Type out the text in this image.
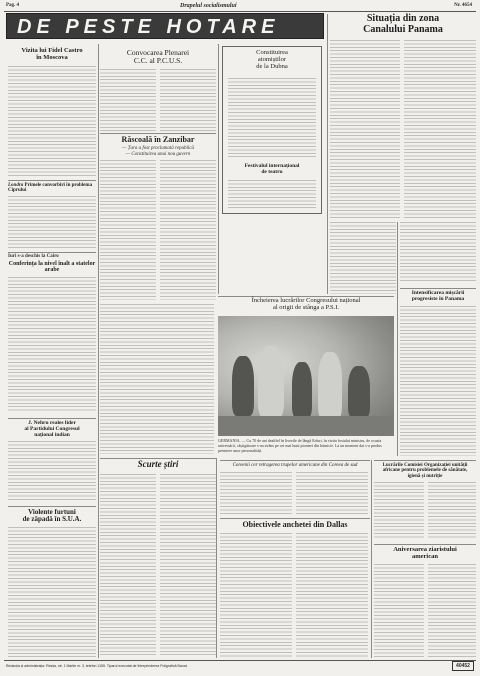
Pag. 4	Drapelul socialismului	Nr. 4654
DE PESTE HOTARE	Situația din zona
Canalului Panama
Vizita lui Fidel Castro
în Moscova
Convocarea Plenarei
C.C. al P.C.U.S.
Constituirea
atomiștilor
de la Dubna
Festivalul internațional
de teatru
Răscoală în Zanzibar
— Țara a fost proclamată republică
— Constituirea unui nou guvern
Londra Primele convorbiri în problema Ciprului
Iuri s-a deschis la Cairo
Conferința la nivel înalt a statelor arabe
Încheierea lucrărilor Congresului național
al origii de stânga a P.S.I.
GERMANIA. — Cu 70 de ani dealtfel în livezile de lângă Erfurt, în vizita fostului ministru, de ocazia aniversării, câștigătoare s-au strâns pe cei mai buni pionieri din hărnicie. La un moment dat s-a produs premiere unor personalități.
Intensificarea mișcării
progresiste în Panama
J. Nehru reales lider
al Partidului Congresul
național indian
Violente furtuni
de zăpadă în S.U.A.
Scurte știri	Coreenii cer retragerea trupelor americane din Coreea de sud
Obiectivele anchetei din Dallas
Lucrările Comisiei Organizației unității
africane pentru problemele de sănătate,
igienă și nutriție
Aniversarea ziaristului
american
Redacția și administrația: Reșița, str. 1 Martie nr. 3, telefon 1155. Tiparul executat de Întreprinderea Poligrafică Banat.	40452
